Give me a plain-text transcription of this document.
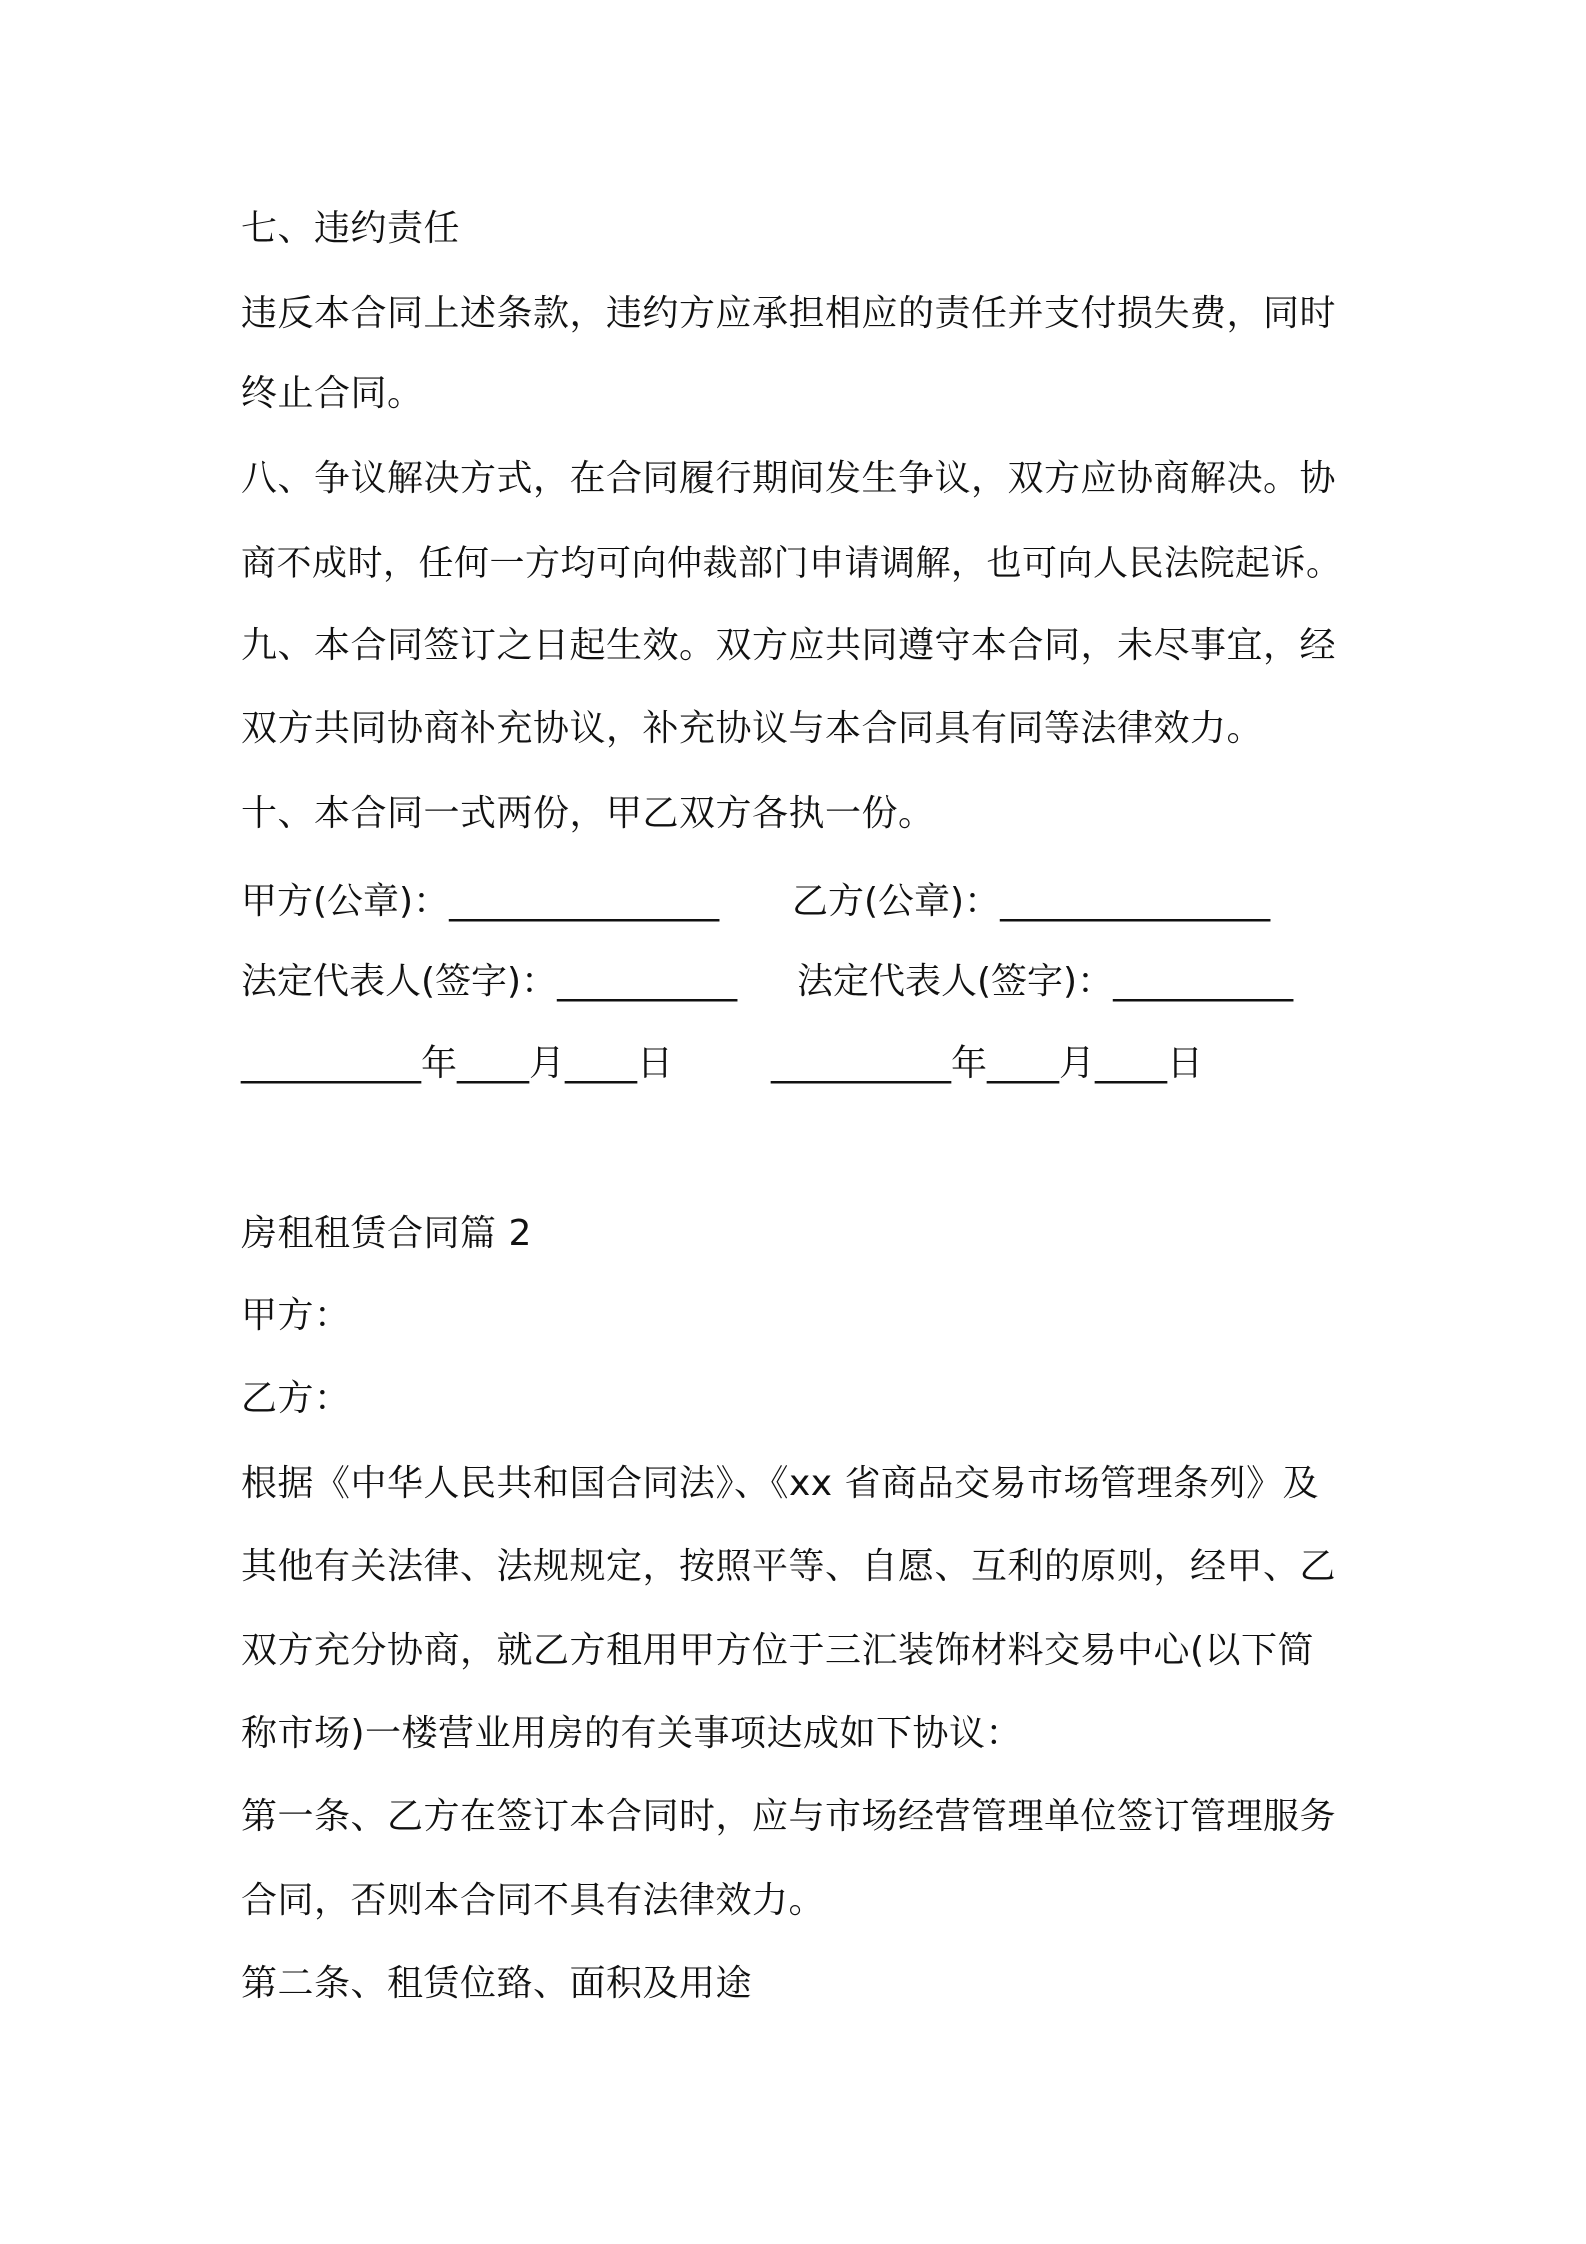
七、违约责任
违反本合同上述条款，违约方应承担相应的责任并支付损失费，同时
终止合同。
八、争议解决方式，在合同履行期间发生争议，双方应协商解决。协
商不成时，任何一方均可向仲裁部门申请调解，也可向人民法院起诉。
九、本合同签订之日起生效。双方应共同遵守本合同，未尽事宜，经
双方共同协商补充协议，补充协议与本合同具有同等法律效力。
十、本合同一式两份，甲乙双方各执一份。
甲方(公章)：_______________ 乙方(公章)：_______________
法定代表人(签字)：__________ 法定代表人(签字)：__________
__________年____月____日	__________年____月____日
房租租赁合同篇 2
甲方：
乙方：
根据《中华人民共和国合同法》、《xx 省商品交易市场管理条列》及
其他有关法律、法规规定，按照平等、自愿、互利的原则，经甲、乙
双方充分协商，就乙方租用甲方位于三汇装饰材料交易中心(以下简
称市场)一楼营业用房的有关事项达成如下协议：
第一条、乙方在签订本合同时，应与市场经营管理单位签订管理服务
合同，否则本合同不具有法律效力。
第二条、租赁位臵、面积及用途
